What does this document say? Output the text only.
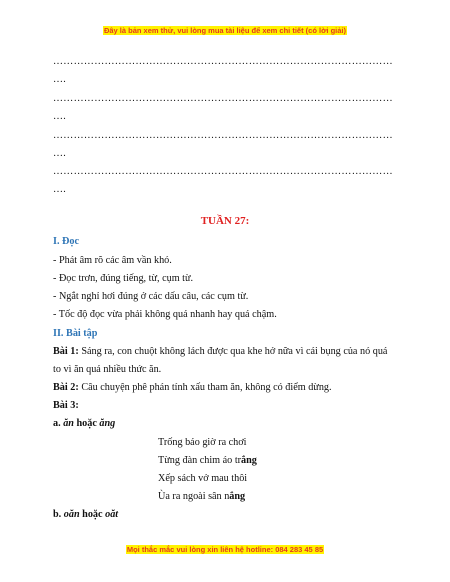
Đây là bản xem thử, vui lòng mua tài liệu để xem chi tiết (có lời giải)
………………………………………………………………………………………
….
………………………………………………………………………………………
….
………………………………………………………………………………………
….
………………………………………………………………………………………
….
TUẦN 27:
I. Đọc
- Phát âm rõ các âm vần khó.
- Đọc trơn, đúng tiếng, từ, cụm từ.
- Ngắt nghỉ hơi đúng ở các dấu câu, các cụm từ.
- Tốc độ đọc vừa phải không quá nhanh hay quá chậm.
II. Bài tập
Bài 1: Sáng ra, con chuột không lách được qua khe hở nữa vì cái bụng của nó quá
to vì ăn quá nhiều thức ăn.
Bài 2: Câu chuyện phê phán tính xấu tham ăn, không có điểm dừng.
Bài 3:
a. ăn hoặc ăng
Trống báo giờ ra chơi
Từng đàn chim áo trắng
Xếp sách vở mau thôi
Ùa ra ngoài sân nắng
b. oăn hoặc oăt
Mọi thắc mắc vui lòng xin liên hệ hotline: 084 283 45 85
